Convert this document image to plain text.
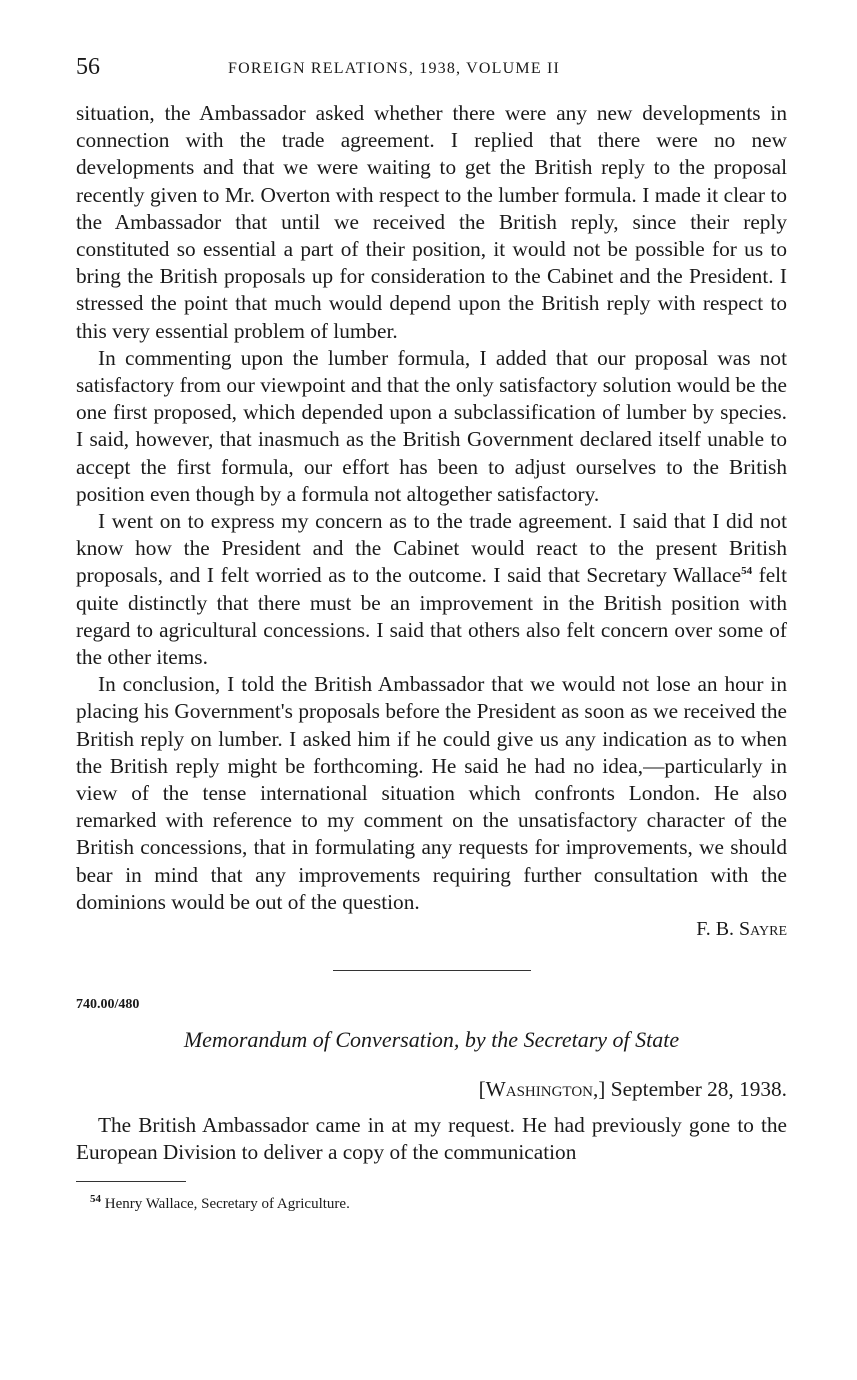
56	FOREIGN RELATIONS, 1938, VOLUME II

situation, the Ambassador asked whether there were any new developments in connection with the trade agreement. I replied that there were no new developments and that we were waiting to get the British reply to the proposal recently given to Mr. Overton with respect to the lumber formula. I made it clear to the Ambassador that until we received the British reply, since their reply constituted so essential a part of their position, it would not be possible for us to bring the British proposals up for consideration to the Cabinet and the President. I stressed the point that much would depend upon the British reply with respect to this very essential problem of lumber.

In commenting upon the lumber formula, I added that our proposal was not satisfactory from our viewpoint and that the only satisfactory solution would be the one first proposed, which depended upon a subclassification of lumber by species. I said, however, that inasmuch as the British Government declared itself unable to accept the first formula, our effort has been to adjust ourselves to the British position even though by a formula not altogether satisfactory.

I went on to express my concern as to the trade agreement. I said that I did not know how the President and the Cabinet would react to the present British proposals, and I felt worried as to the outcome. I said that Secretary Wallace$^{54}$ felt quite distinctly that there must be an improvement in the British position with regard to agricultural concessions. I said that others also felt concern over some of the other items.

In conclusion, I told the British Ambassador that we would not lose an hour in placing his Government's proposals before the President as soon as we received the British reply on lumber. I asked him if he could give us any indication as to when the British reply might be forthcoming. He said he had no idea,—particularly in view of the tense international situation which confronts London. He also remarked with reference to my comment on the unsatisfactory character of the British concessions, that in formulating any requests for improvements, we should bear in mind that any improvements requiring further consultation with the dominions would be out of the question.

F. B. Sayre

740.00/480
Memorandum of Conversation, by the Secretary of State
[Washington,] September 28, 1938.

The British Ambassador came in at my request. He had previously gone to the European Division to deliver a copy of the communication

$^{54}$ Henry Wallace, Secretary of Agriculture.
